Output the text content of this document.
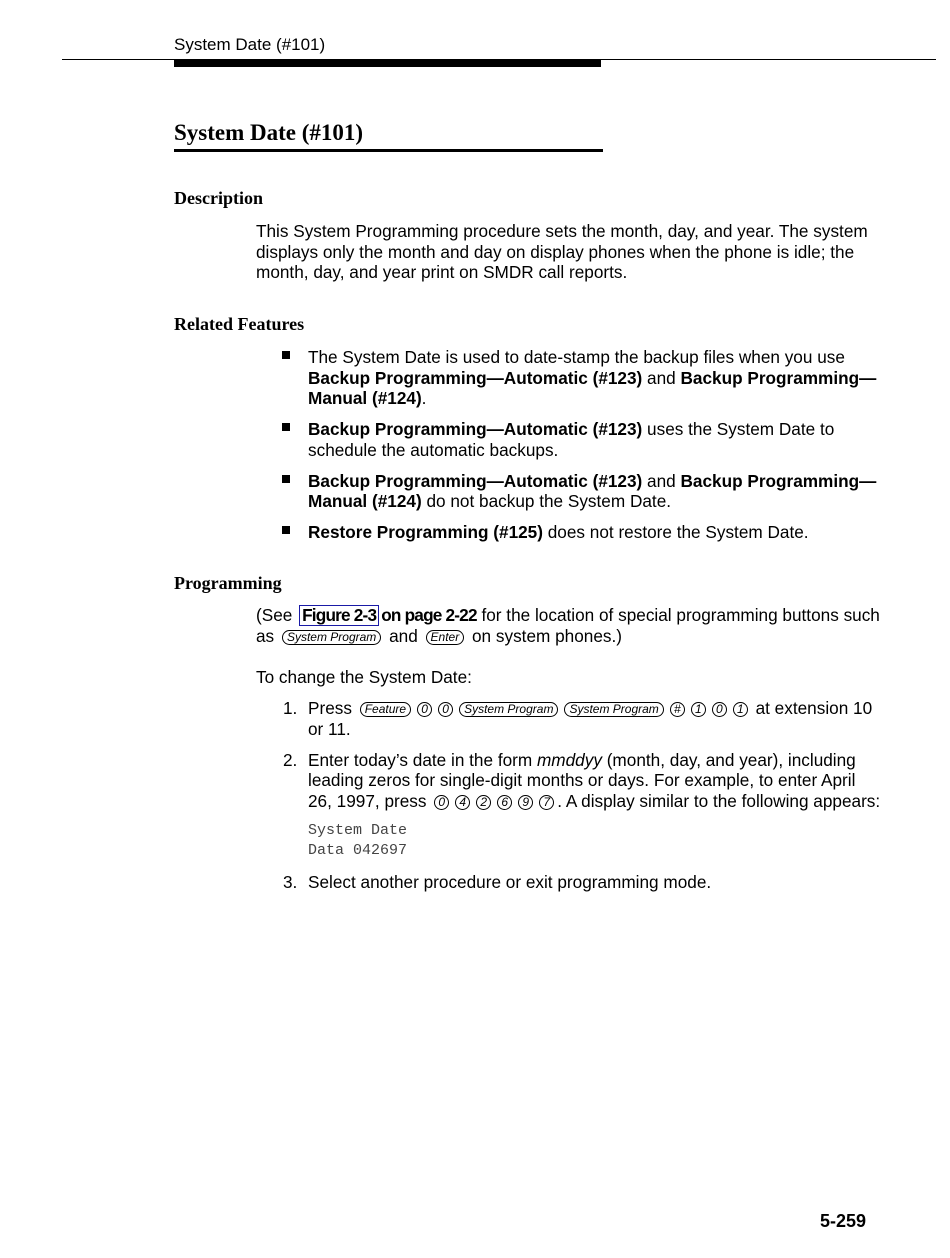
System Date (#101)
System Date (#101)
Description
This System Programming procedure sets the month, day, and year. The system displays only the month and day on display phones when the phone is idle; the month, day, and year print on SMDR call reports.
Related Features
The System Date is used to date-stamp the backup files when you use Backup Programming—Automatic (#123) and Backup Programming—Manual (#124).
Backup Programming—Automatic (#123) uses the System Date to schedule the automatic backups.
Backup Programming—Automatic (#123) and Backup Programming—Manual (#124) do not backup the System Date.
Restore Programming (#125) does not restore the System Date.
Programming
(See Figure 2-3 on page 2-22 for the location of special programming buttons such as System Program and Enter on system phones.)
To change the System Date:
1. Press Feature 0 0 System Program System Program # 1 0 1 at extension 10 or 11.
2. Enter today’s date in the form mmddyy (month, day, and year), including leading zeros for single-digit months or days. For example, to enter April 26, 1997, press 0 4 2 6 9 7 . A display similar to the following appears:
System Date
Data 042697
3. Select another procedure or exit programming mode.
5-259
